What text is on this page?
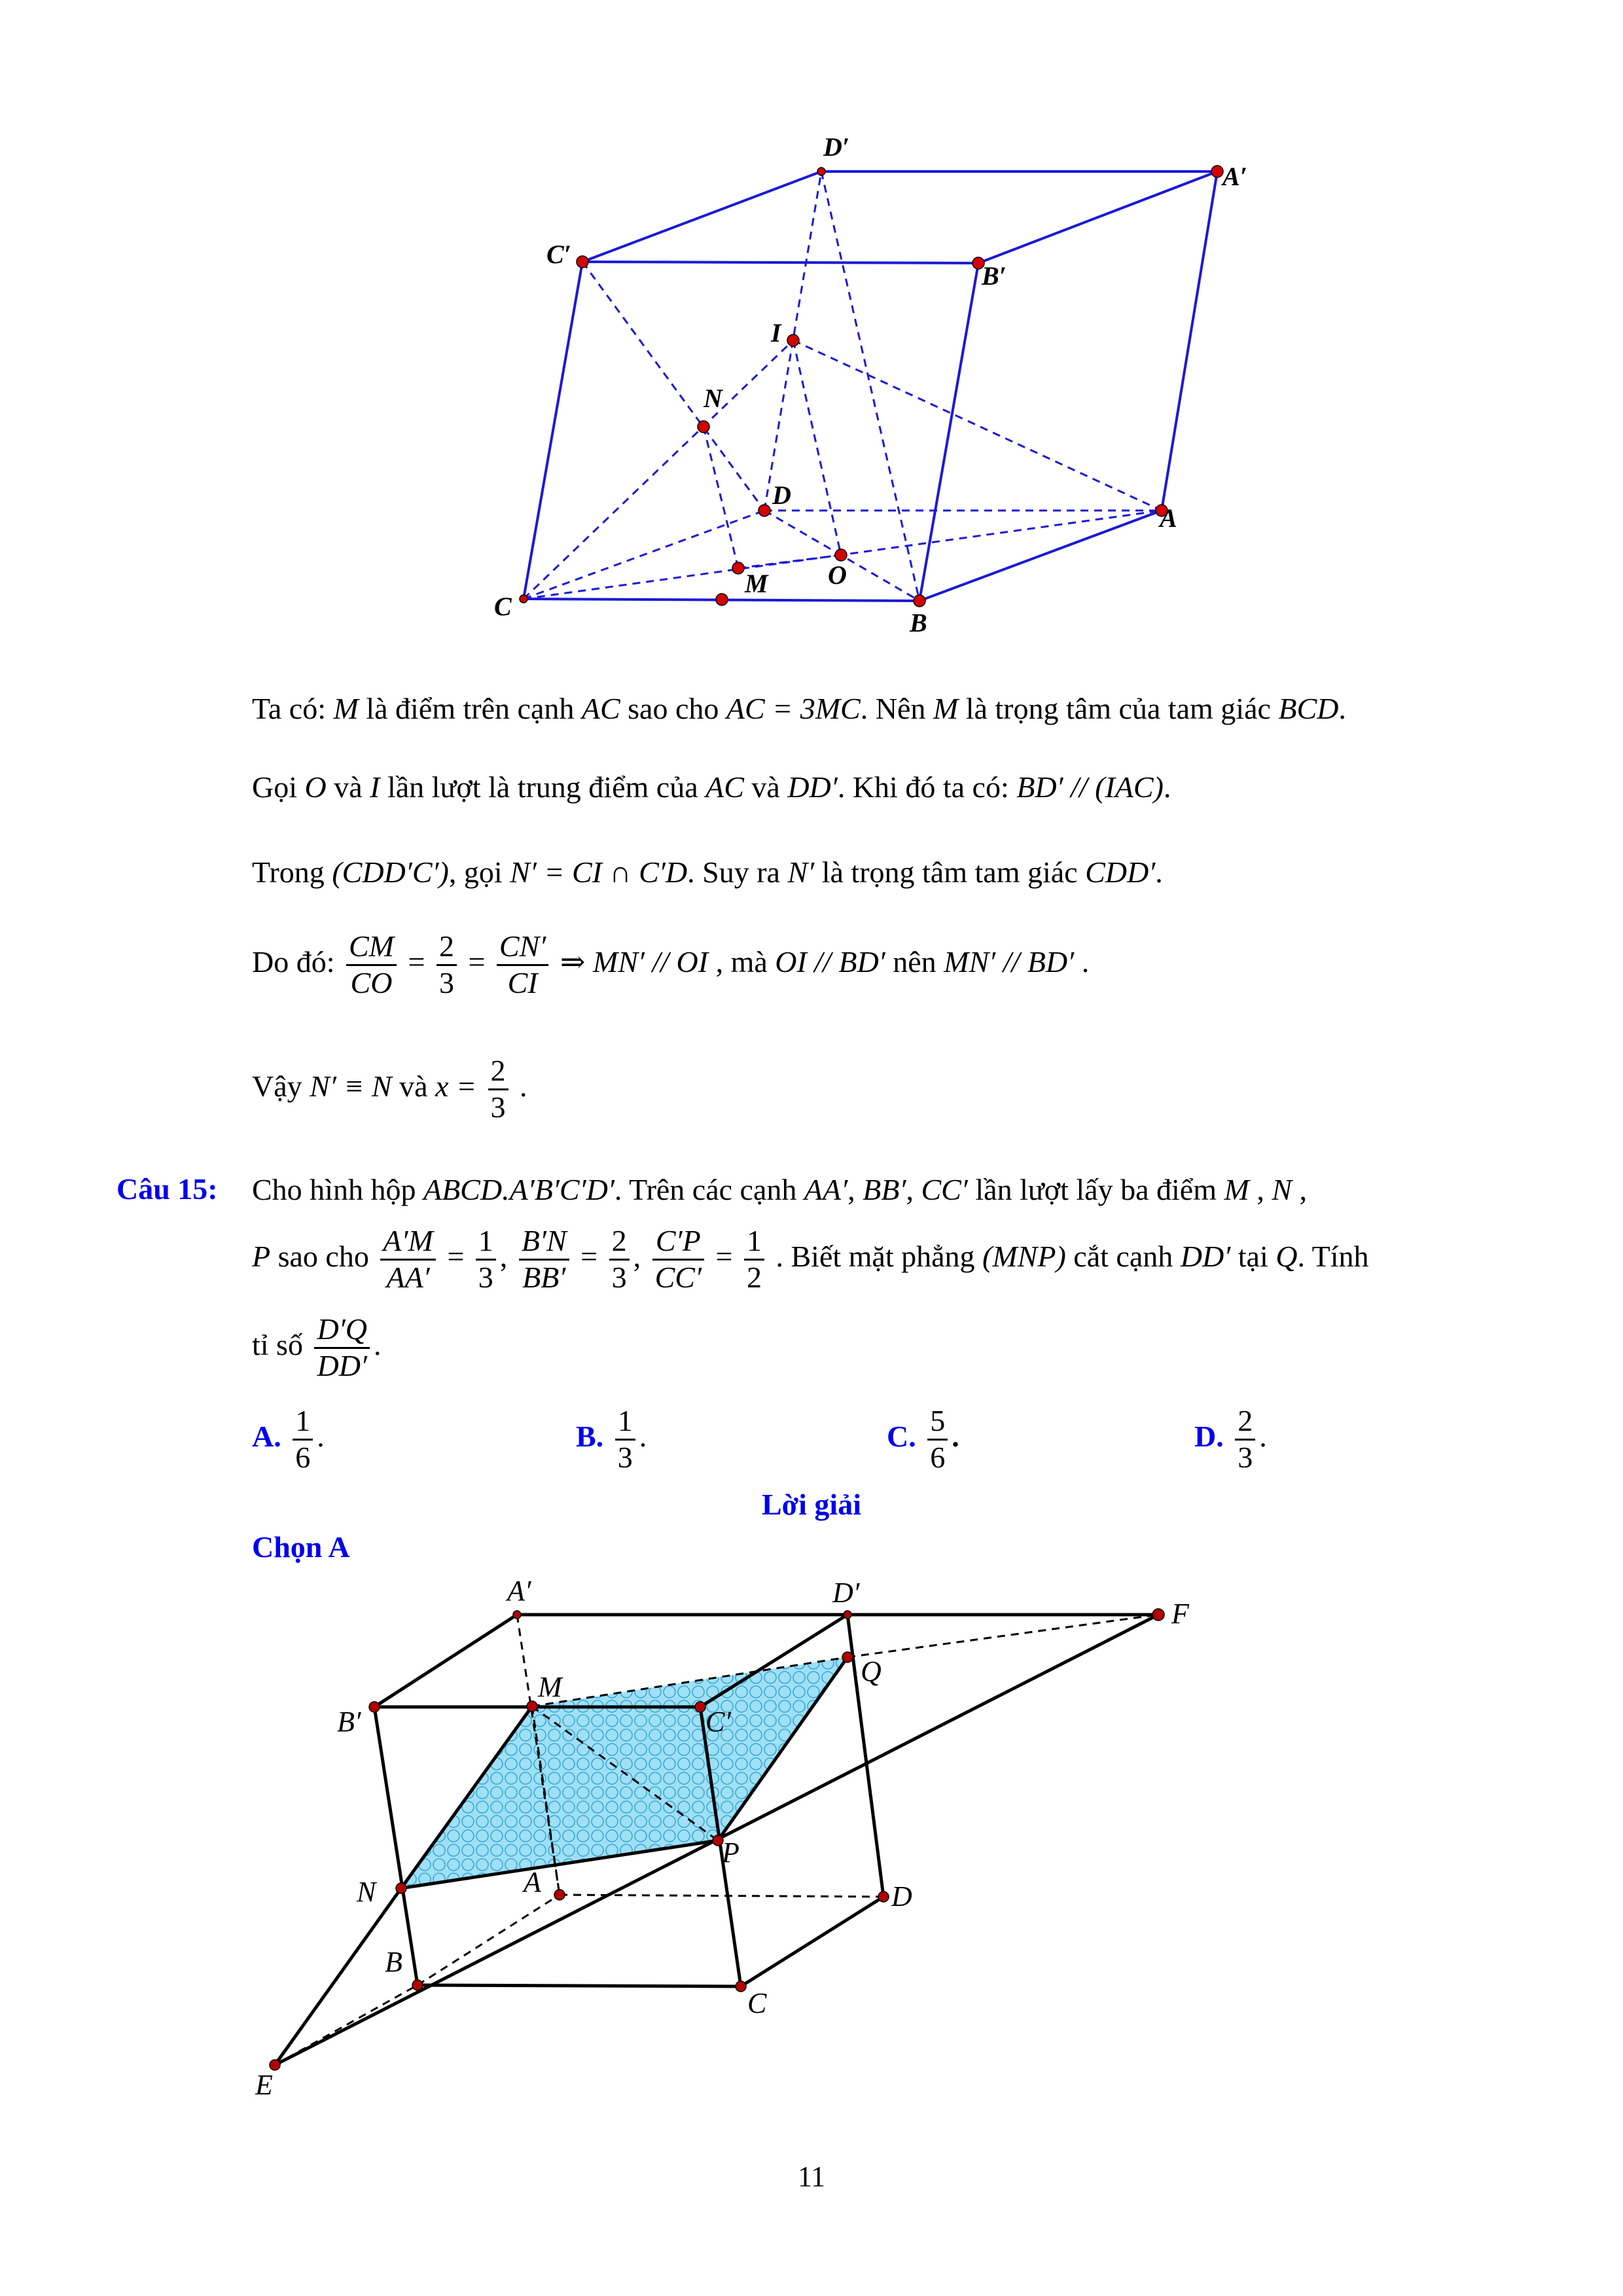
D′
A′
C′
B′
I
N
D
A
O
M
C
B
Ta có: M là điểm trên cạnh AC sao cho AC = 3MC. Nên M là trọng tâm của tam giác BCD.
Gọi O và I lần lượt là trung điểm của AC và DD′. Khi đó ta có: BD′ // (IAC).
Trong (CDD′C′), gọi N′ = CI ∩ C′D. Suy ra N′ là trọng tâm tam giác CDD′.
Do đó: $\frac{CM}{CO} = \frac{2}{3} = \frac{CN'}{CI}$ ⇒ MN′ // OI , mà OI // BD′ nên MN′ // BD′ .
Vậy N′ ≡ N và $x = \frac{2}{3}$ .
Câu 15: Cho hình hộp ABCD.A′B′C′D′. Trên các cạnh AA′, BB′, CC′ lần lượt lấy ba điểm M , N ,
P sao cho $\frac{A'M}{AA'} = \frac{1}{3}$ , $\frac{B'N}{BB'} = \frac{2}{3}$ , $\frac{C'P}{CC'} = \frac{1}{2}$ . Biết mặt phẳng (MNP) cắt cạnh DD′ tại Q. Tính
tỉ số $\frac{D'Q}{DD'}$ .
A. $\frac{1}{6}$ .	B. $\frac{1}{3}$ .	C. $\frac{5}{6}$ .	D. $\frac{2}{3}$ .
Lời giải
Chọn A
A′	D′
F
B′
M
C′
Q
P
N	A	D
B
C
E
11
